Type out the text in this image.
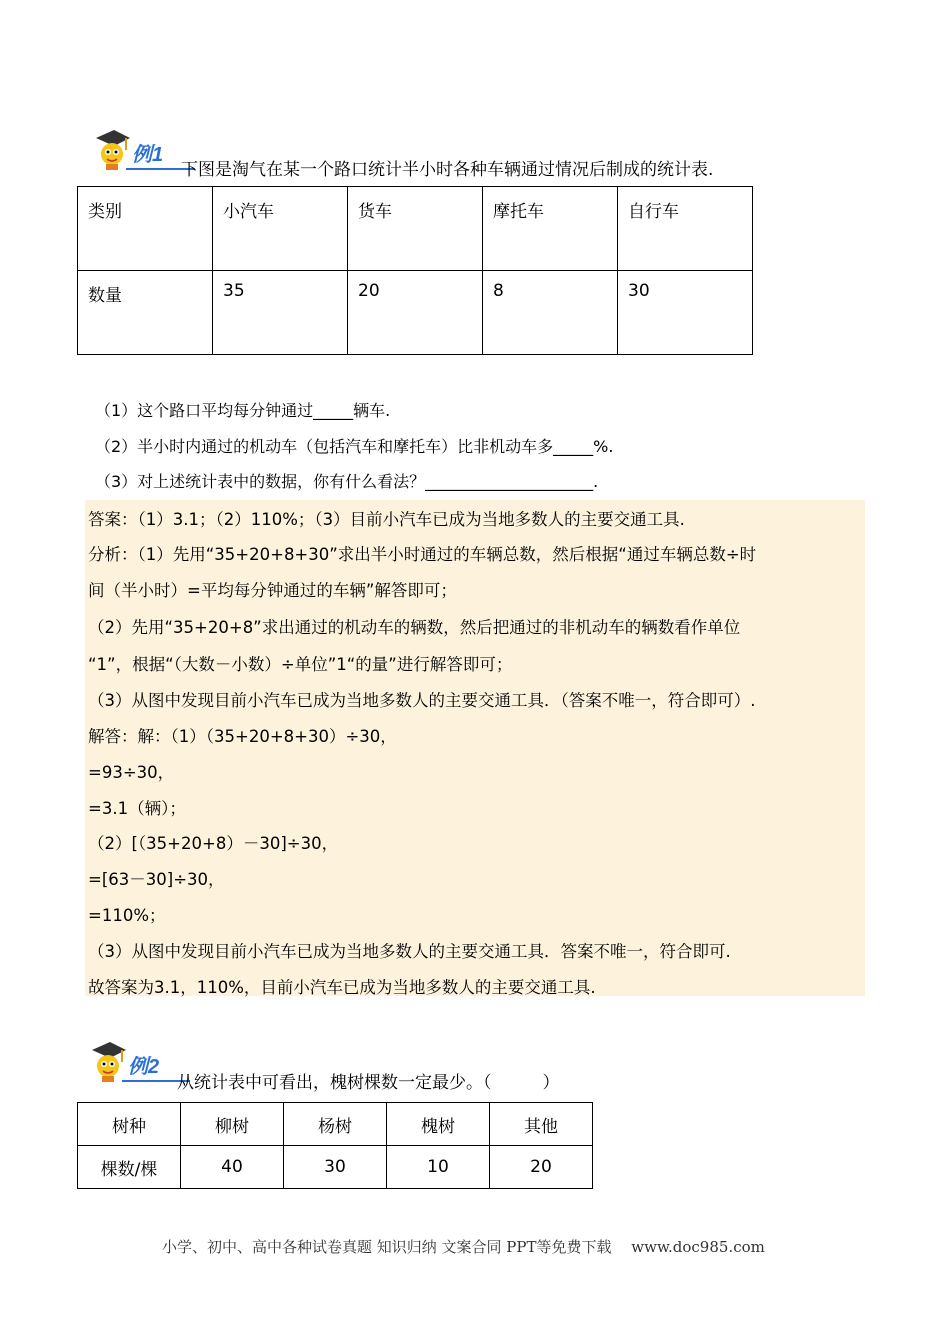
例1
下图是淘气在某一个路口统计半小时各种车辆通过情况后制成的统计表.
类别	小汽车	货车	摩托车	自行车
数量	35	20	8	30
（1）这个路口平均每分钟通过_____辆车.
（2）半小时内通过的机动车（包括汽车和摩托车）比非机动车多_____%.
（3）对上述统计表中的数据，你有什么看法？_____________________.
答案：（1）3.1；（2）110%；（3）目前小汽车已成为当地多数人的主要交通工具.
分析：（1）先用“35+20+8+30”求出半小时通过的车辆总数，然后根据“通过车辆总数÷时
间（半小时）=平均每分钟通过的车辆”解答即可；
（2）先用“35+20+8”求出通过的机动车的辆数，然后把通过的非机动车的辆数看作单位
“1”，根据“（大数－小数）÷单位”1“的量”进行解答即可；
（3）从图中发现目前小汽车已成为当地多数人的主要交通工具．（答案不唯一，符合即可）.
解答：解：（1）（35+20+8+30）÷30，
=93÷30，
=3.1（辆）；
（2）[（35+20+8）－30]÷30，
=[63－30]÷30，
=110%；
（3）从图中发现目前小汽车已成为当地多数人的主要交通工具．答案不唯一，符合即可.
故答案为3.1，110%，目前小汽车已成为当地多数人的主要交通工具.
例2
从统计表中可看出，槐树棵数一定最少。（　　　）
树种	柳树	杨树	槐树	其他
棵数/棵	40	30	10	20
小学、初中、高中各种试卷真题 知识归纳 文案合同 PPT等免费下载　 www.doc985.com
